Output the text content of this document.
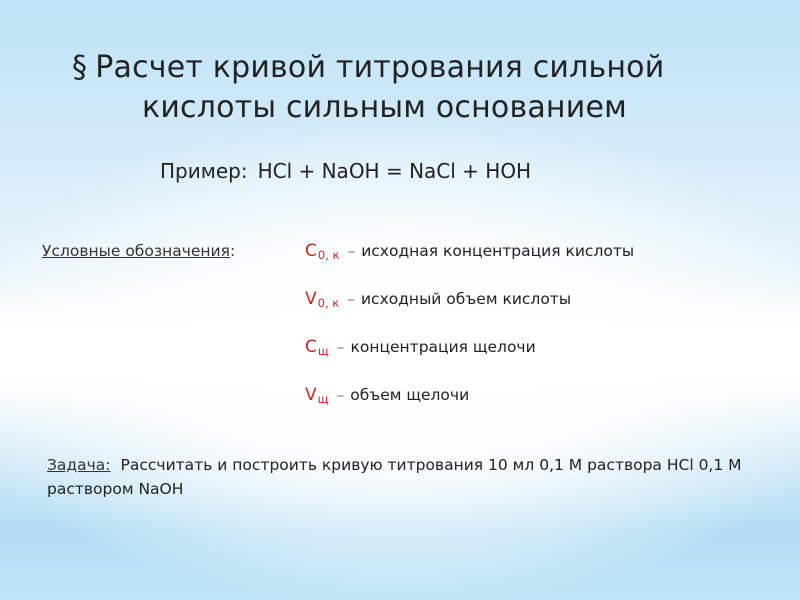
§ Расчет кривой титрования сильной
кислоты сильным основанием
Пример: HCl + NaOH = NaCl + HOH
Условные обозначения:	$C_{0, к}$ – исходная концентрация кислоты
$V_{0, к}$ – исходный объем кислоты
$C_щ$ – концентрация щелочи
$V_щ$ – объем щелочи
Задача: Рассчитать и построить кривую титрования 10 мл 0,1 М раствора HCl 0,1 М раствором NaOH
